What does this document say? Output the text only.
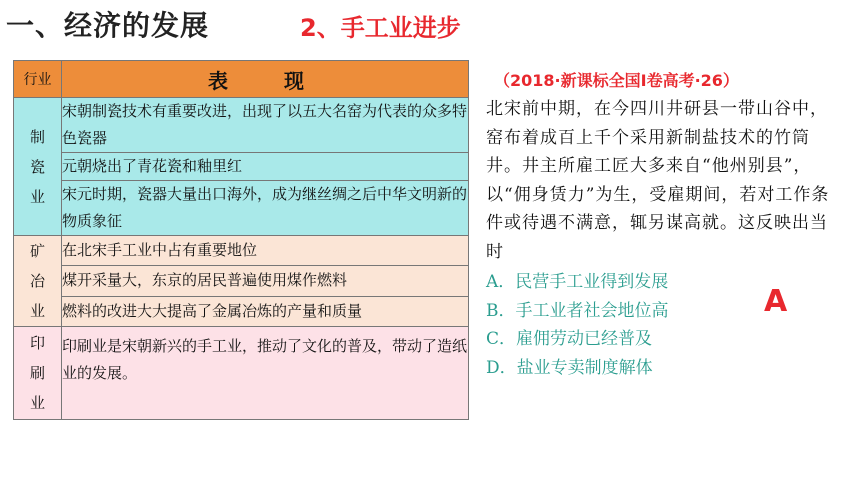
一、经济的发展	2、手工业进步
行业	表　现

制
瓷
业	宋朝制瓷技术有重要改进，出现了以五大名窑为代表的众多特色瓷器
	元朝烧出了青花瓷和釉里红
	宋元时期，瓷器大量出口海外，成为继丝绸之后中华文明新的物质象征

矿
冶
业	在北宋手工业中占有重要地位
	煤开采量大，东京的居民普遍使用煤作燃料
	燃料的改进大大提高了金属冶炼的产量和质量

印
刷
业	印刷业是宋朝新兴的手工业，推动了文化的普及，带动了造纸业的发展。
（2018·新课标全国Ⅰ卷高考·26）
北宋前中期，在今四川井研县一带山谷中，窑布着成百上千个采用新制盐技术的竹筒井。井主所雇工匠大多来自“他州别县”，以“佣身赁力”为生，受雇期间，若对工作条件或待遇不满意，辄另谋高就。这反映出当时
A．民营手工业得到发展
B．手工业者社会地位高
C．雇佣劳动已经普及
D．盐业专卖制度解体
A
